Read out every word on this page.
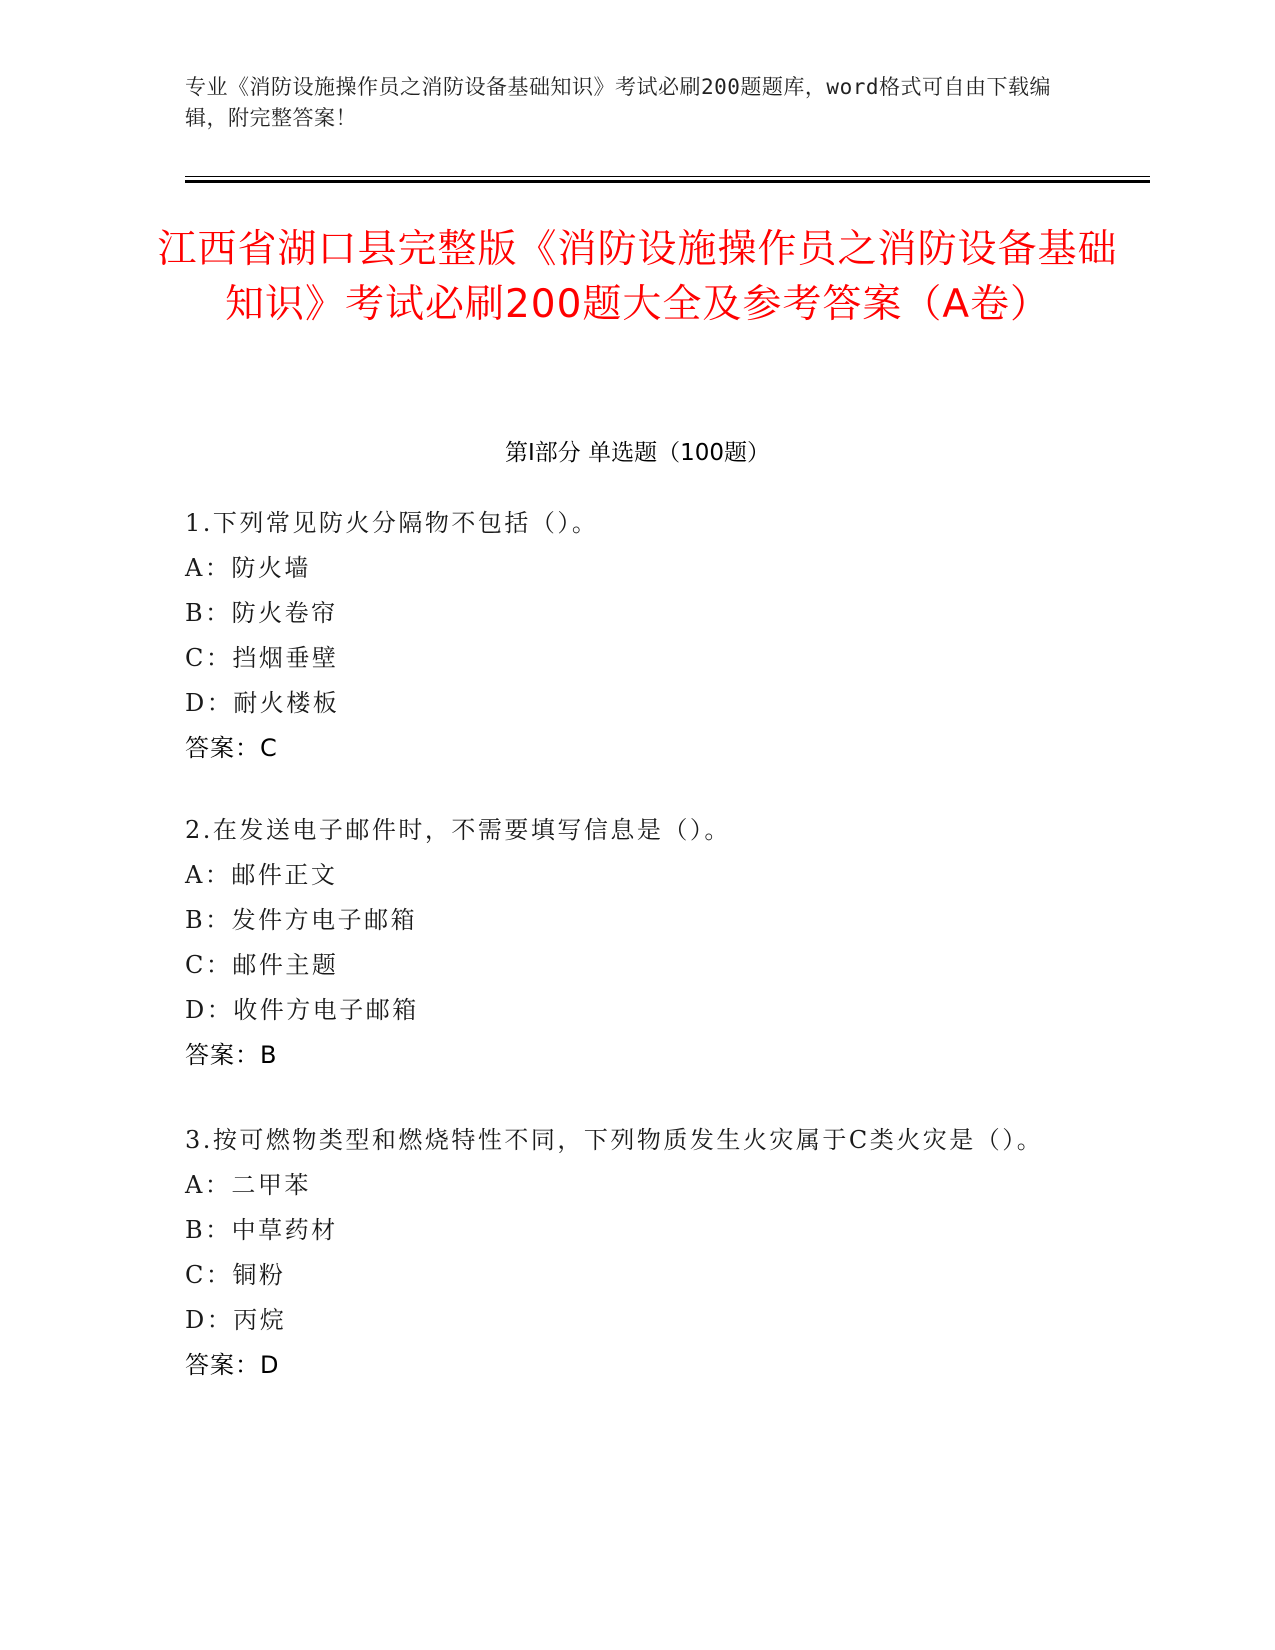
专业《消防设施操作员之消防设备基础知识》考试必刷200题题库，word格式可自由下载编辑，附完整答案！
江西省湖口县完整版《消防设施操作员之消防设备基础知识》考试必刷200题大全及参考答案（A卷）
第I部分 单选题（100题）

1.下列常见防火分隔物不包括（）。

A：防火墙

B：防火卷帘

C：挡烟垂壁

D：耐火楼板

答案：C

2.在发送电子邮件时，不需要填写信息是（）。

A：邮件正文

B：发件方电子邮箱

C：邮件主题

D：收件方电子邮箱

答案：B

3.按可燃物类型和燃烧特性不同，下列物质发生火灾属于C类火灾是（）。

A：二甲苯

B：中草药材

C：铜粉

D：丙烷

答案：D
